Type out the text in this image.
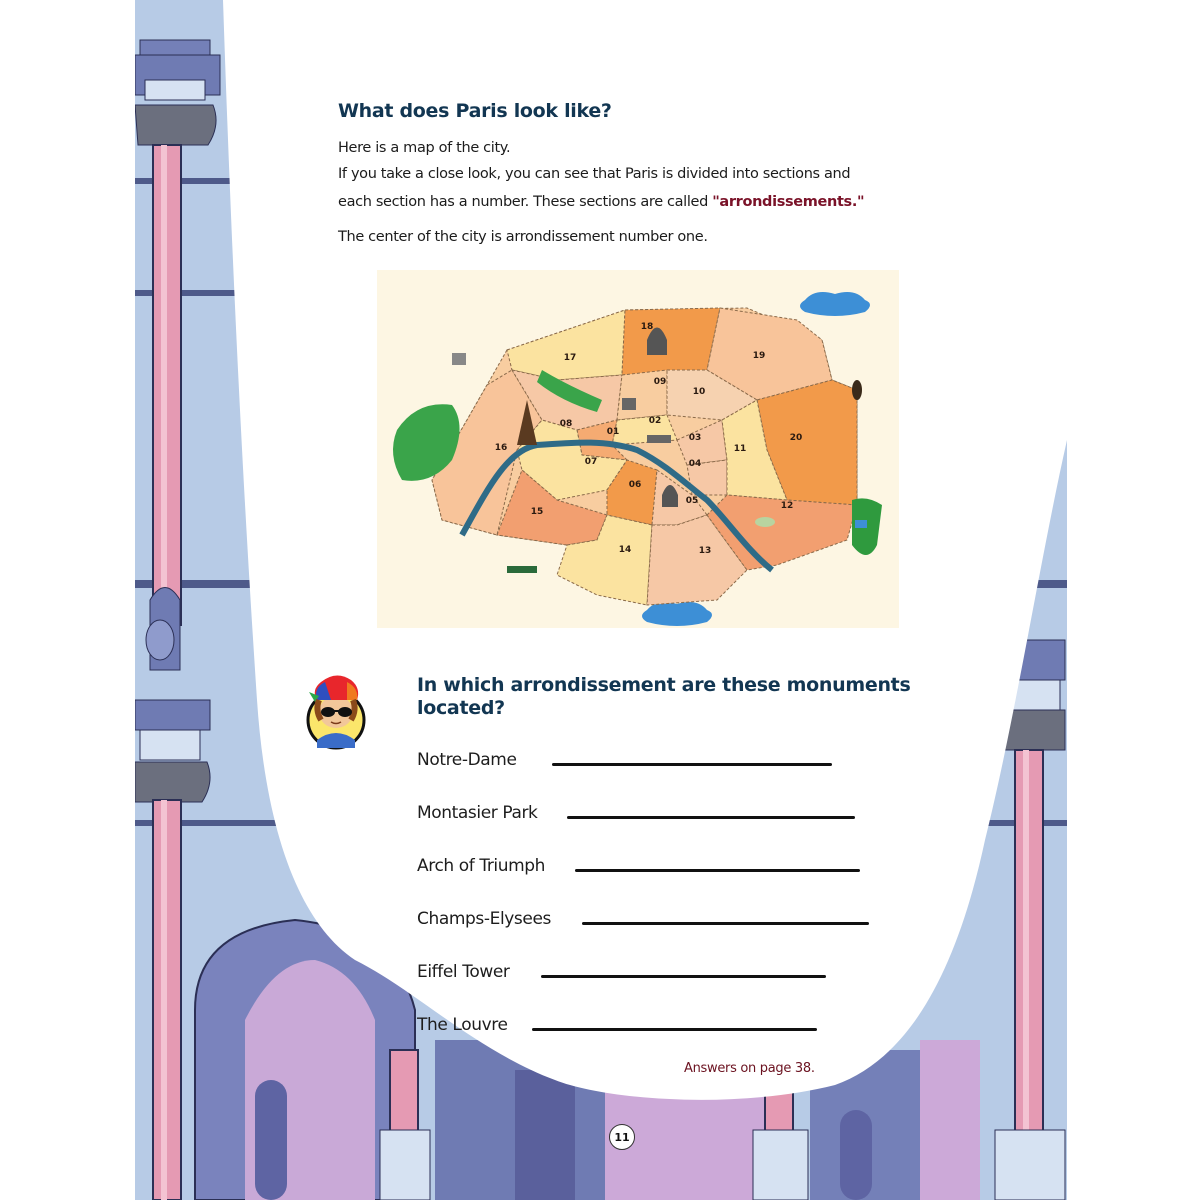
What does Paris look like?
Here is a map of the city.
If you take a close look, you can see that Paris is divided into sections and
each section has a number. These sections are called "arrondissements."
The center of the city is arrondissement number one.
17
18
19
09
10
08	02
01
03
11
20
16
07	04
06
05
15
12
14	13
In which arrondissement are these monuments located?
Notre-Dame
Montasier Park
Arch of Triumph
Champs-Elysees
Eiffel Tower
The Louvre
Answers on page 38.
11
